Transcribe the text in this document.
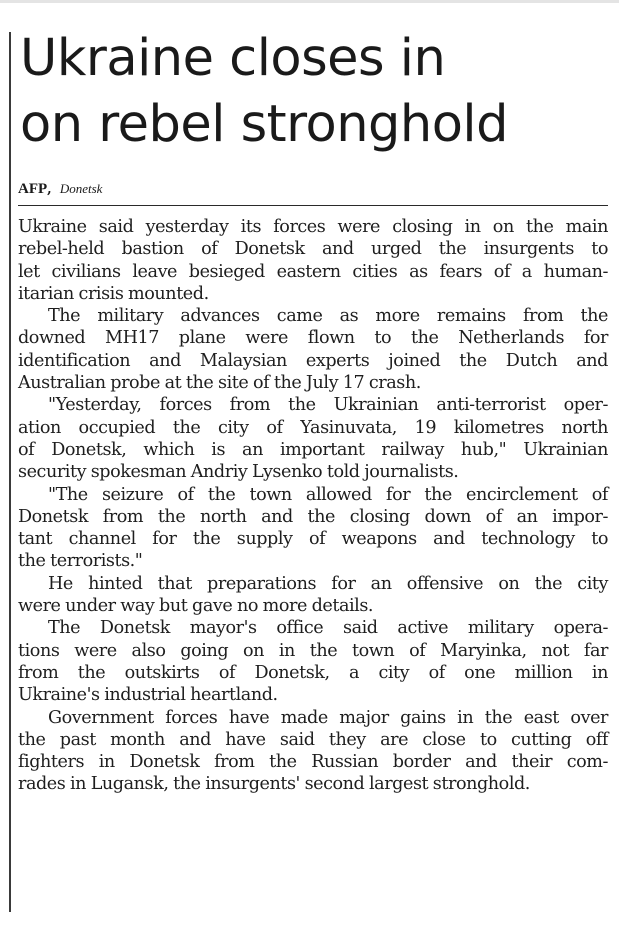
Ukraine closes in
on rebel stronghold
AFP, Donetsk

Ukraine said yesterday its forces were closing in on the main
rebel-held bastion of Donetsk and urged the insurgents to
let civilians leave besieged eastern cities as fears of a human-
itarian crisis mounted.

The military advances came as more remains from the
downed MH17 plane were flown to the Netherlands for
identification and Malaysian experts joined the Dutch and
Australian probe at the site of the July 17 crash.

"Yesterday, forces from the Ukrainian anti-terrorist oper-
ation occupied the city of Yasinuvata, 19 kilometres north
of Donetsk, which is an important railway hub," Ukrainian
security spokesman Andriy Lysenko told journalists.

"The seizure of the town allowed for the encirclement of
Donetsk from the north and the closing down of an impor-
tant channel for the supply of weapons and technology to
the terrorists."

He hinted that preparations for an offensive on the city
were under way but gave no more details.

The Donetsk mayor's office said active military opera-
tions were also going on in the town of Maryinka, not far
from the outskirts of Donetsk, a city of one million in
Ukraine's industrial heartland.

Government forces have made major gains in the east over
the past month and have said they are close to cutting off
fighters in Donetsk from the Russian border and their com-
rades in Lugansk, the insurgents' second largest stronghold.
